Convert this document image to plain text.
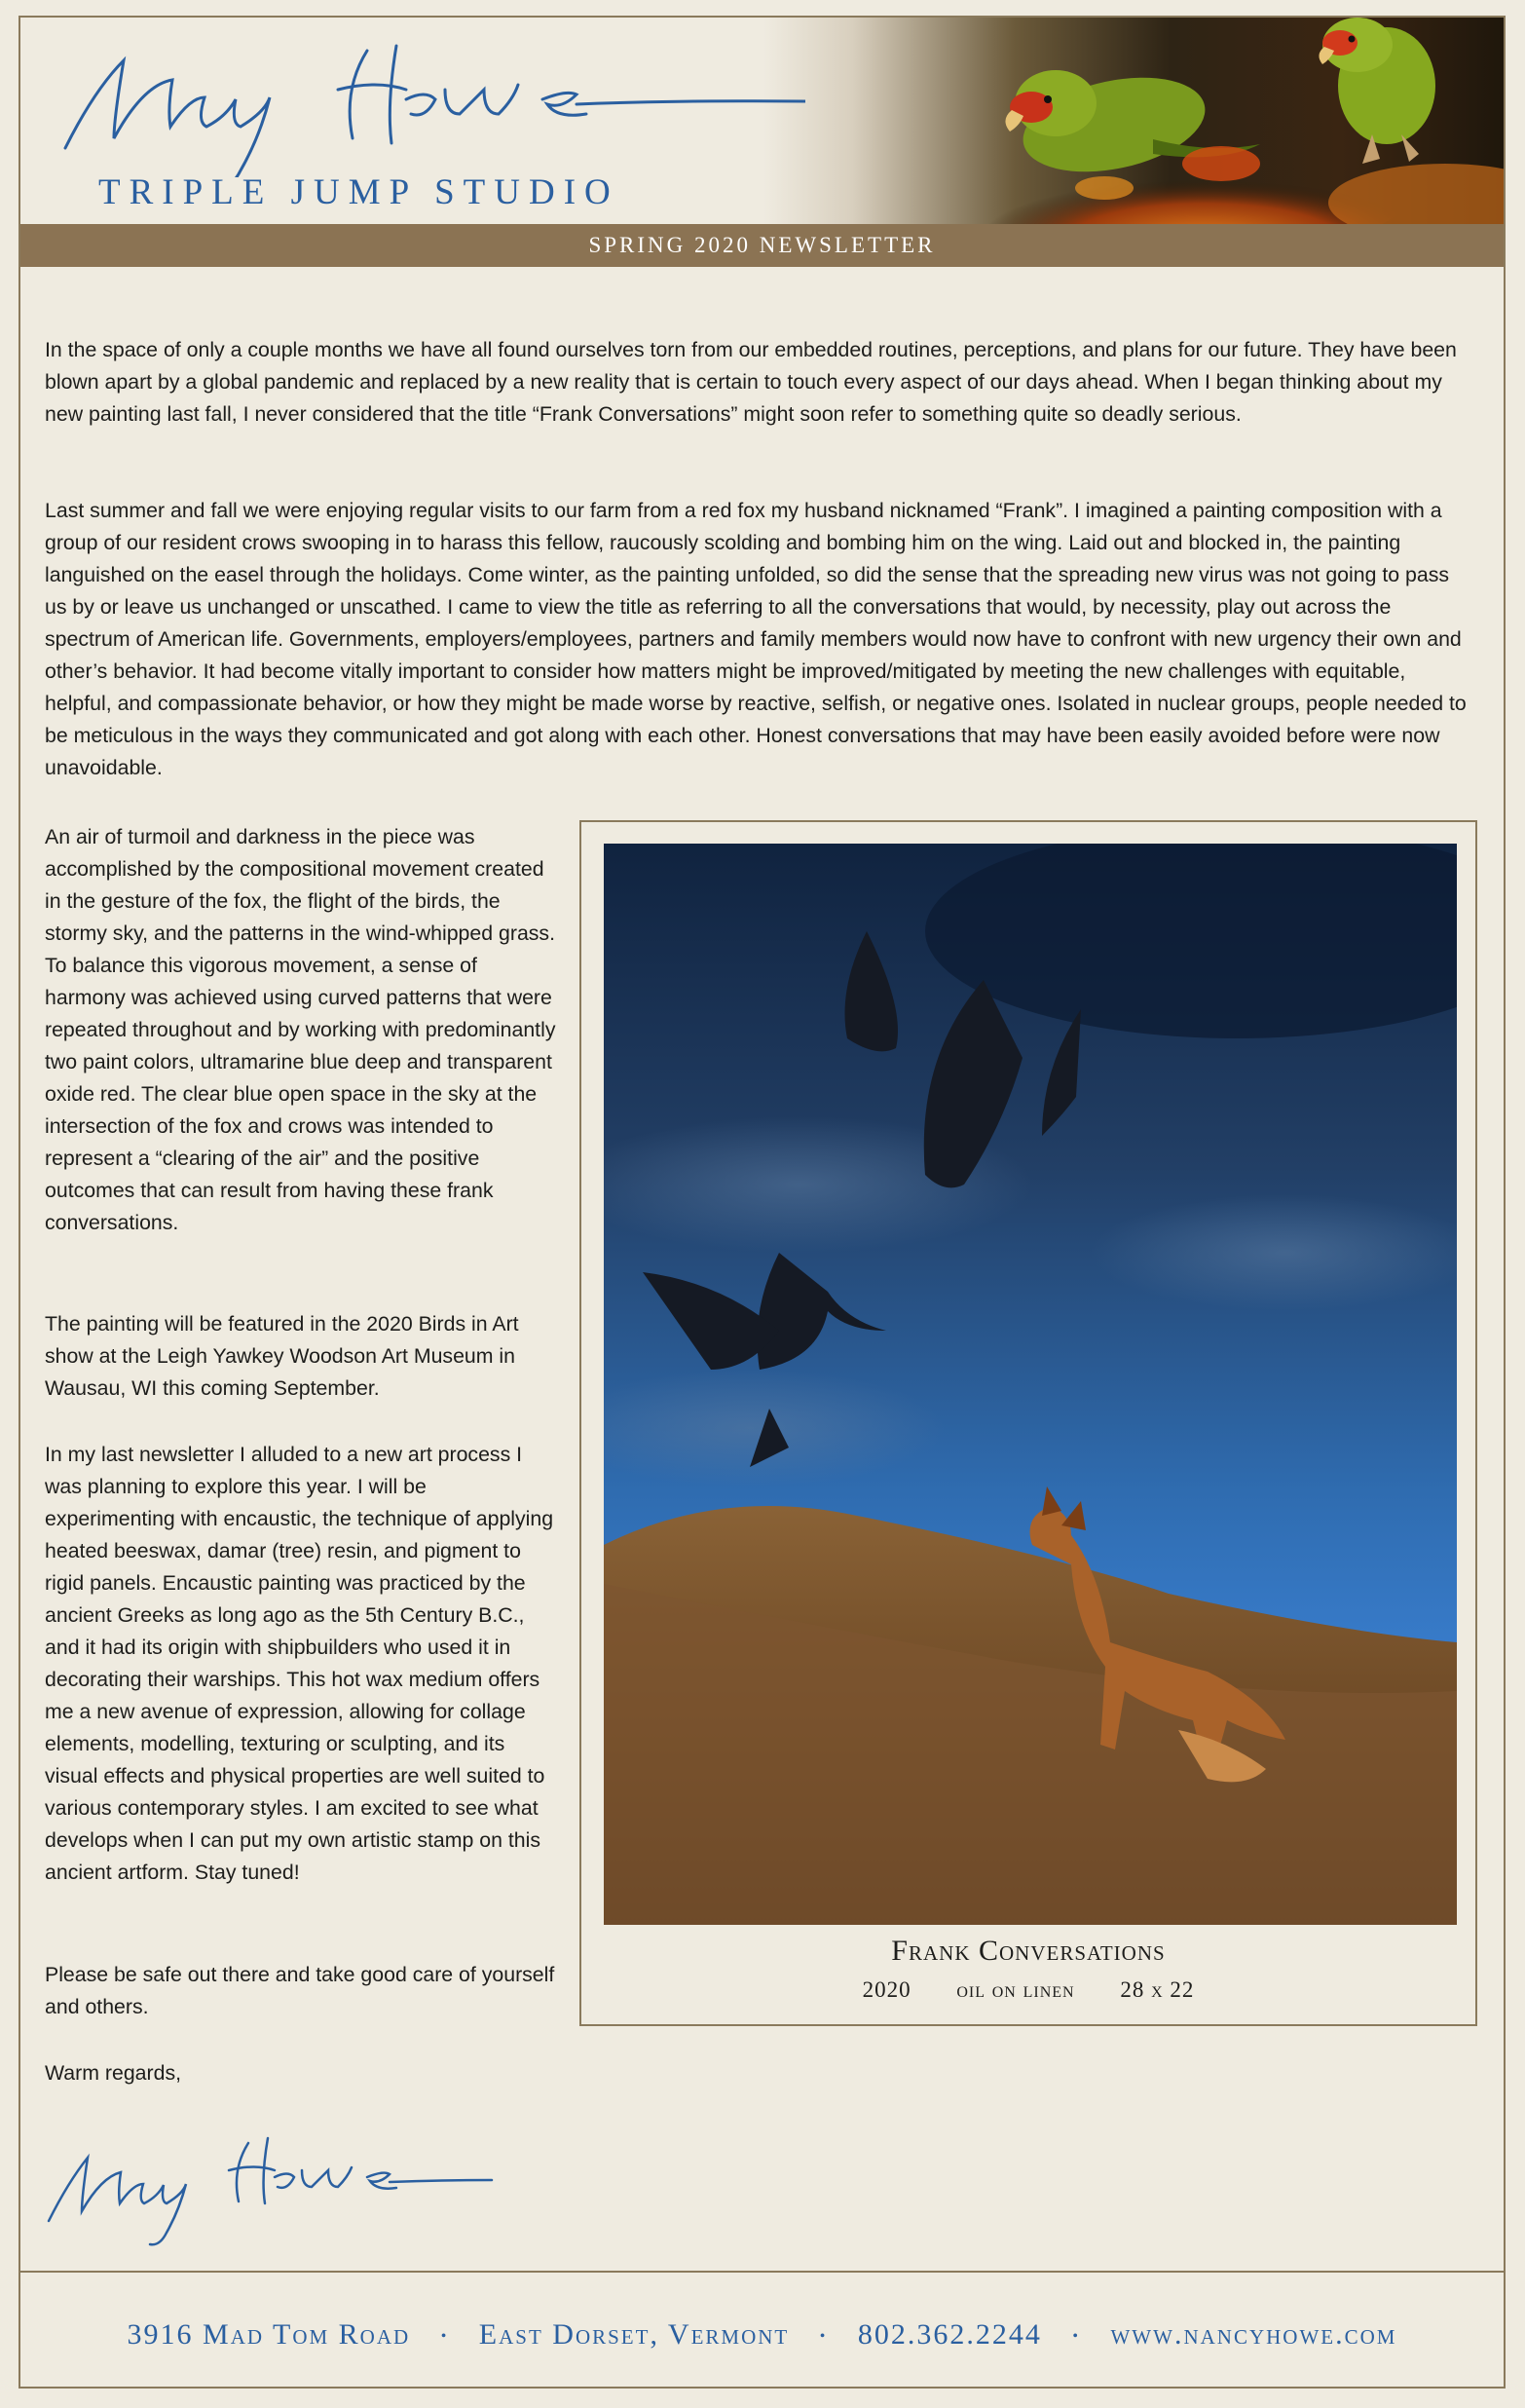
TRIPLE JUMP STUDIO
SPRING 2020 NEWSLETTER

In the space of only a couple months we have all found ourselves torn from our embedded routines, perceptions, and plans for our future. They have been blown apart by a global pandemic and replaced by a new reality that is certain to touch every aspect of our days ahead. When I began thinking about my new painting last fall, I never considered that the title “Frank Conversations” might soon refer to something quite so deadly serious.

Last summer and fall we were enjoying regular visits to our farm from a red fox my husband nicknamed “Frank”. I imagined a painting composition with a group of our resident crows swooping in to harass this fellow, raucously scolding and bombing him on the wing. Laid out and blocked in, the painting languished on the easel through the holidays. Come winter, as the painting unfolded, so did the sense that the spreading new virus was not going to pass us by or leave us unchanged or unscathed. I came to view the title as referring to all the conversations that would, by necessity, play out across the spectrum of American life. Governments, employers/employees, partners and family members would now have to confront with new urgency their own and other’s behavior. It had become vitally important to consider how matters might be improved/mitigated by meeting the new challenges with equitable, helpful, and compassionate behavior, or how they might be made worse by reactive, selfish, or negative ones. Isolated in nuclear groups, people needed to be meticulous in the ways they communicated and got along with each other. Honest conversations that may have been easily avoided before were now unavoidable.

An air of turmoil and darkness in the piece was accomplished by the compositional movement created in the gesture of the fox, the flight of the birds, the stormy sky, and the patterns in the wind-whipped grass. To balance this vigorous movement, a sense of harmony was achieved using curved patterns that were repeated throughout and by working with predominantly two paint colors, ultramarine blue deep and transparent oxide red. The clear blue open space in the sky at the intersection of the fox and crows was intended to represent a “clearing of the air” and the positive outcomes that can result from having these frank conversations.

The painting will be featured in the 2020 Birds in Art show at the Leigh Yawkey Woodson Art Museum in Wausau, WI this coming September.

In my last newsletter I alluded to a new art process I was planning to explore this year. I will be experimenting with encaustic, the technique of applying heated beeswax, damar (tree) resin, and pigment to rigid panels. Encaustic painting was practiced by the ancient Greeks as long ago as the 5th Century B.C., and it had its origin with shipbuilders who used it in decorating their warships. This hot wax medium offers me a new avenue of expression, allowing for collage elements, modelling, texturing or sculpting, and its visual effects and physical properties are well suited to various contemporary styles. I am excited to see what develops when I can put my own artistic stamp on this ancient artform. Stay tuned!

Please be safe out there and take good care of yourself and others.

Warm regards,

Frank Conversations
2020 oil on linen 28 x 22
3916 Mad Tom Road • East Dorset, Vermont • 802.362.2244 • www.nancyhowe.com
